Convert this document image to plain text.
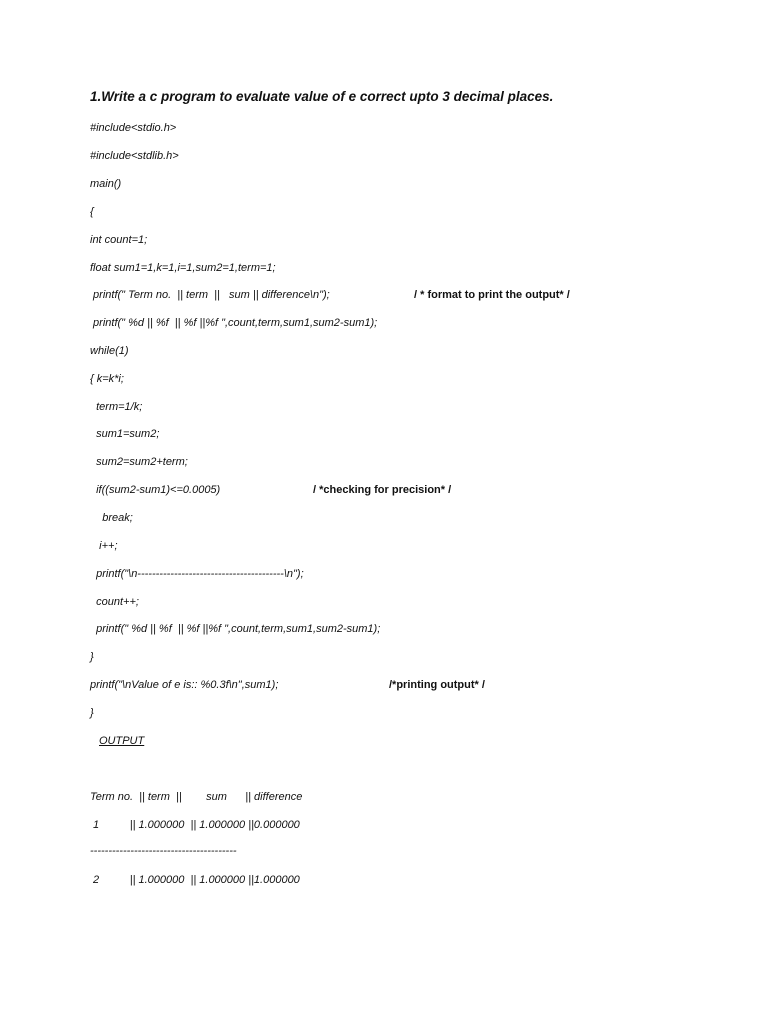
1.Write a c program to evaluate value of e correct upto 3 decimal places.
#include<stdio.h>
#include<stdlib.h>
main()
{
int count=1;
float sum1=1,k=1,i=1,sum2=1,term=1;
printf(" Term no.  || term  ||   sum || difference\n");	/ * format to print the output* /
printf(" %d || %f  || %f ||%f ",count,term,sum1,sum2-sum1);
while(1)
{ k=k*i;
term=1/k;
sum1=sum2;
sum2=sum2+term;
if((sum2-sum1)<=0.0005)	/ *checking for precision* /
break;
i++;
printf("\n----------------------------------------\n");
count++;
printf(" %d || %f  || %f ||%f ",count,term,sum1,sum2-sum1);
}
printf("\nValue of e is:: %0.3f\n",sum1);	/*printing output* /
}
OUTPUT
Term no.  || term  ||        sum      || difference
1          || 1.000000  || 1.000000 ||0.000000
----------------------------------------
2          || 1.000000  || 1.000000 ||1.000000
